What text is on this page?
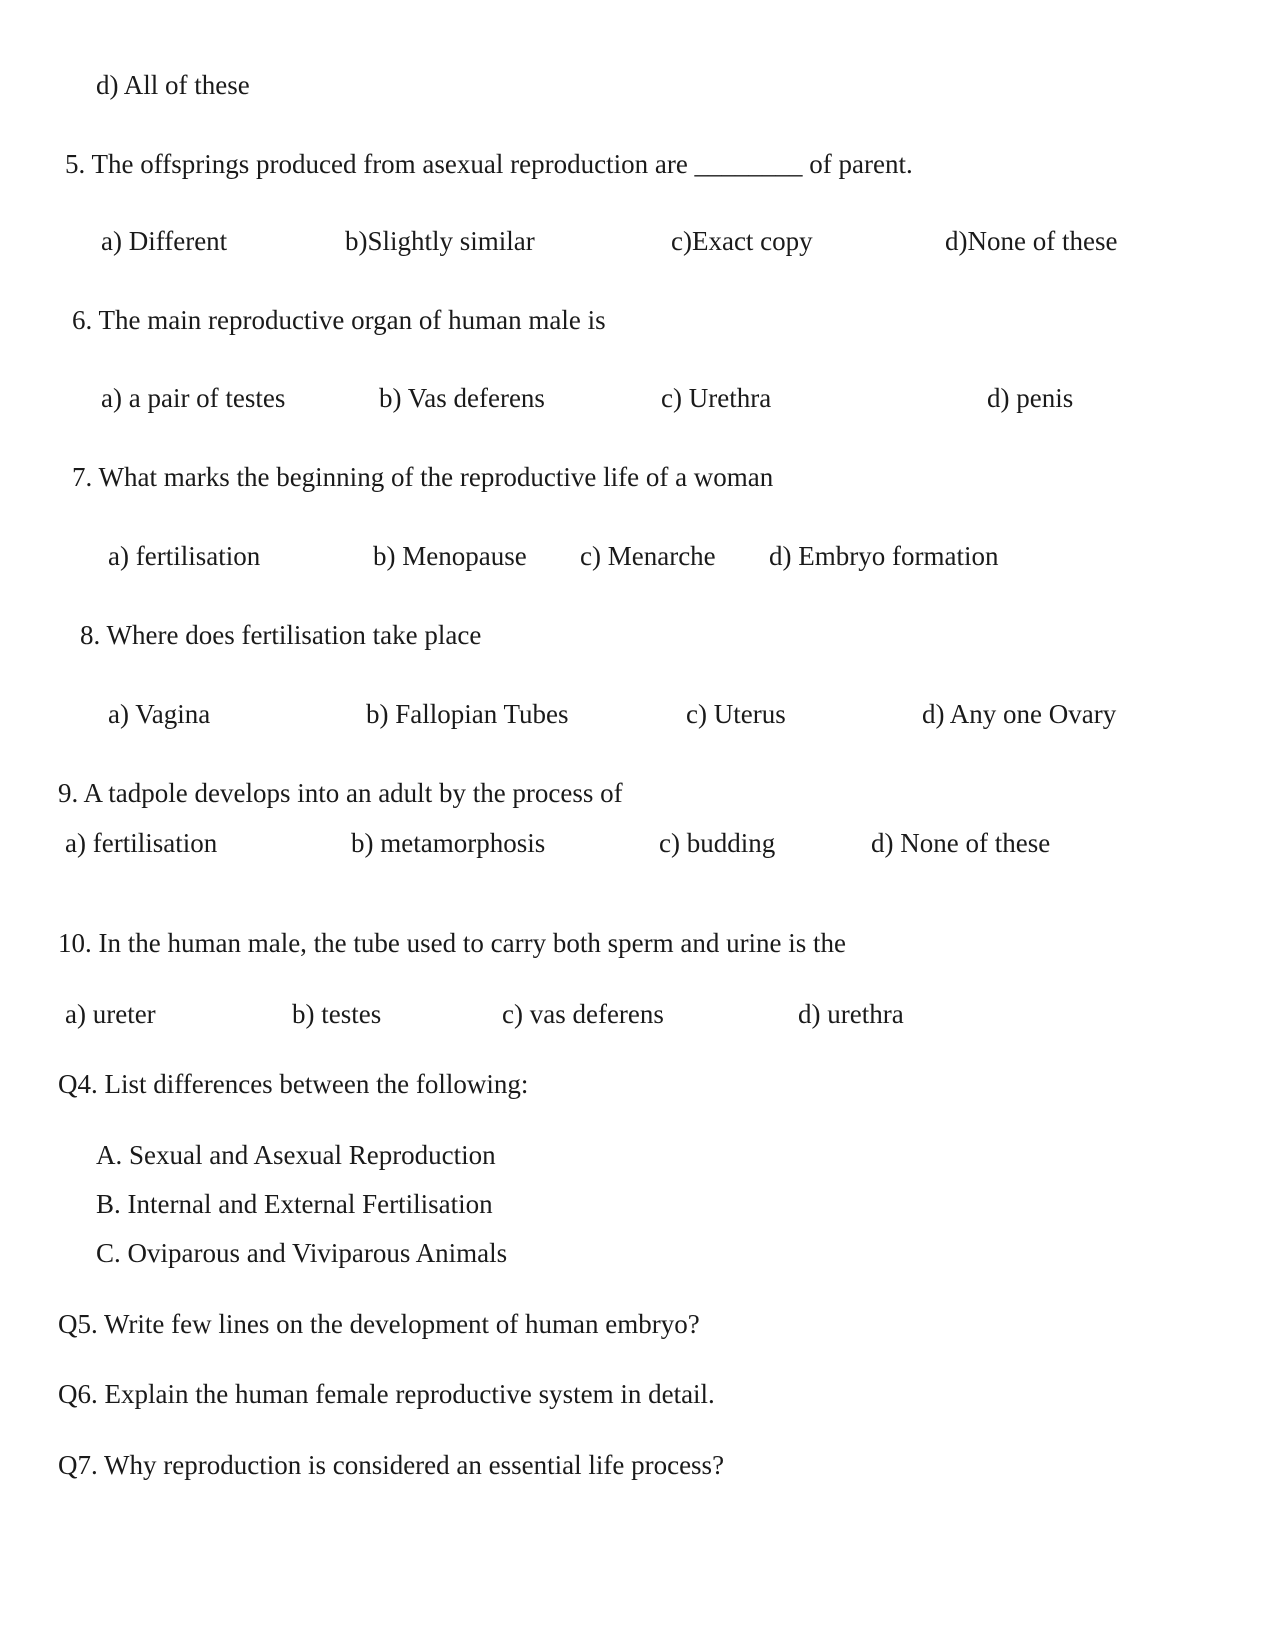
d) All of these
5. The offsprings produced from asexual reproduction are ________ of parent.
a) Different	b)Slightly similar	c)Exact copy	d)None of these
6. The main reproductive organ of human male is
a) a pair of testes	b) Vas deferens	c) Urethra	d) penis
7. What marks the beginning of the reproductive life of a woman
a) fertilisation	b) Menopause c) Menarche d) Embryo formation
8. Where does fertilisation take place
a) Vagina	b) Fallopian Tubes	c) Uterus	d) Any one Ovary
9. A tadpole develops into an adult by the process of
a) fertilisation	b) metamorphosis	c) budding	d) None of these
10. In the human male, the tube used to carry both sperm and urine is the
a) ureter	b) testes	c) vas deferens	d) urethra
Q4. List differences between the following:
A. Sexual and Asexual Reproduction
B. Internal and External Fertilisation
C. Oviparous and Viviparous Animals
Q5. Write few lines on the development of human embryo?
Q6. Explain the human female reproductive system in detail.
Q7. Why reproduction is considered an essential life process?
